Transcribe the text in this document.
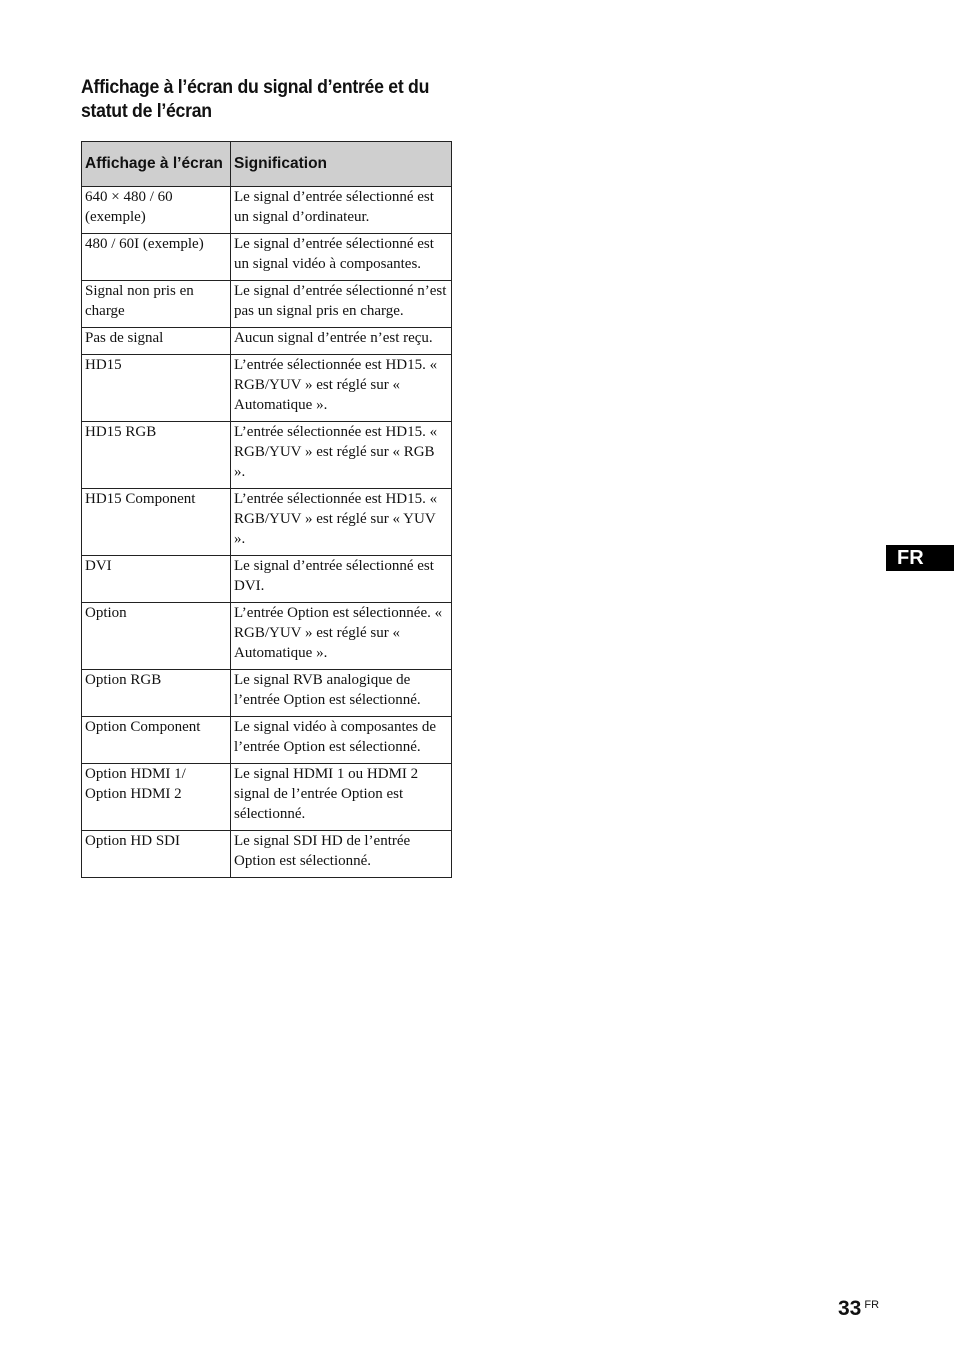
Affichage à l’écran du signal d’entrée et du statut de l’écran
Affichage à l’écran	Signification
640 × 480 / 60 (exemple)	Le signal d’entrée sélectionné est un signal d’ordinateur.
480 / 60I (exemple)	Le signal d’entrée sélectionné est un signal vidéo à composantes.
Signal non pris en charge	Le signal d’entrée sélectionné n’est pas un signal pris en charge.
Pas de signal	Aucun signal d’entrée n’est reçu.
HD15	L’entrée sélectionnée est HD15. « RGB/YUV » est réglé sur « Automatique ».
HD15 RGB	L’entrée sélectionnée est HD15. « RGB/YUV » est réglé sur « RGB ».
HD15 Component	L’entrée sélectionnée est HD15. « RGB/YUV » est réglé sur « YUV ».
DVI	Le signal d’entrée sélectionné est DVI.
Option	L’entrée Option est sélectionnée. « RGB/YUV » est réglé sur « Automatique ».
Option RGB	Le signal RVB analogique de l’entrée Option est sélectionné.
Option Component	Le signal vidéo à composantes de l’entrée Option est sélectionné.
Option HDMI 1/ Option HDMI 2	Le signal HDMI 1 ou HDMI 2 signal de l’entrée Option est sélectionné.
Option HD SDI	Le signal SDI HD de l’entrée Option est sélectionné.
FR
33 $^{FR}$
